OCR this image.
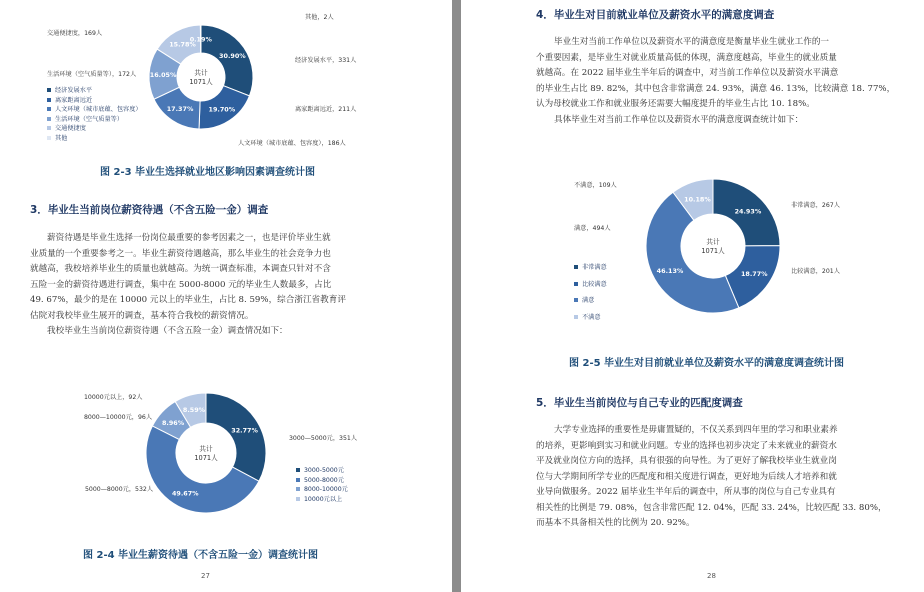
共计
1071人
30.90%
19.70%
17.37%
16.05%
15.78%
0.19%
其他，2人
经济发展水平，331人
离家距离远近，211人
人文环境（城市底蕴、包容度），186人
生活环境（空气质量等），172人
交通便捷度，169人
经济发展水平
离家距离远近
人文环境（城市底蕴、包容度）
生活环境（空气质量等）
交通便捷度
其他
图 2-3 毕业生选择就业地区影响因素调查统计图
3．毕业生当前岗位薪资待遇（不含五险一金）调查

薪资待遇是毕业生选择一份岗位最重要的参考因素之一，也是评价毕业生就

业质量的一个重要参考之一。毕业生薪资待遇越高，那么毕业生的社会竞争力也

就越高，我校培养毕业生的质量也就越高。为统一调查标准，本调查只针对不含

五险一金的薪资待遇进行调查，集中在 5000-8000 元的毕业生人数最多，占比

49. 67%，最少的是在 10000 元以上的毕业生，占比 8. 59%，综合浙江省教育评

估院对我校毕业生展开的调查，基本符合我校的薪资情况。

我校毕业生当前岗位薪资待遇（不含五险一金）调查情况如下：

共计
1071人
32.77%
49.67%
8.96%
8.59%
10000元以上，92人
8000—10000元，96人
3000—5000元，351人
5000—8000元，532人
3000-5000元
5000-8000元
8000-10000元
10000元以上
图 2-4 毕业生薪资待遇（不含五险一金）调查统计图
27
4．毕业生对目前就业单位及薪资水平的满意度调查

毕业生对当前工作单位以及薪资水平的满意度是衡量毕业生就业工作的一

个重要因素，是毕业生对就业质量高低的体现，满意度越高，毕业生的就业质量

就越高。在 2022 届毕业生半年后的调查中，对当前工作单位以及薪资水平满意

的毕业生占比 89. 82%，其中包含非常满意 24. 93%，满意 46. 13%，比较满意 18. 77%，

认为母校就业工作和就业服务还需要大幅度提升的毕业生占比 10. 18%。

具体毕业生对当前工作单位以及薪资水平的满意度调查统计如下：

共计
1071人
24.93%
18.77%
46.13%
10.18%
不满意，109人
非常满意，267人
满意，494人
比较满意，201人
非常满意
比较满意
满意
不满意
图 2-5 毕业生对目前就业单位及薪资水平的满意度调查统计图
5．毕业生当前岗位与自己专业的匹配度调查

大学专业选择的重要性是毋庸置疑的，不仅关系到四年里的学习和职业素养

的培养，更影响到实习和就业问题。专业的选择也初步决定了未来就业的薪资水

平及就业岗位方向的选择，具有很强的向导性。为了更好了解我校毕业生就业岗

位与大学期间所学专业的匹配度和相关度进行调查，更好地为后续人才培养和就

业导向做服务。2022 届毕业生半年后的调查中，所从事的岗位与自己专业具有

相关性的比例是 79. 08%，包含非常匹配 12. 04%，匹配 33. 24%，比较匹配 33. 80%，

而基本不具备相关性的比例为 20. 92%。

28
